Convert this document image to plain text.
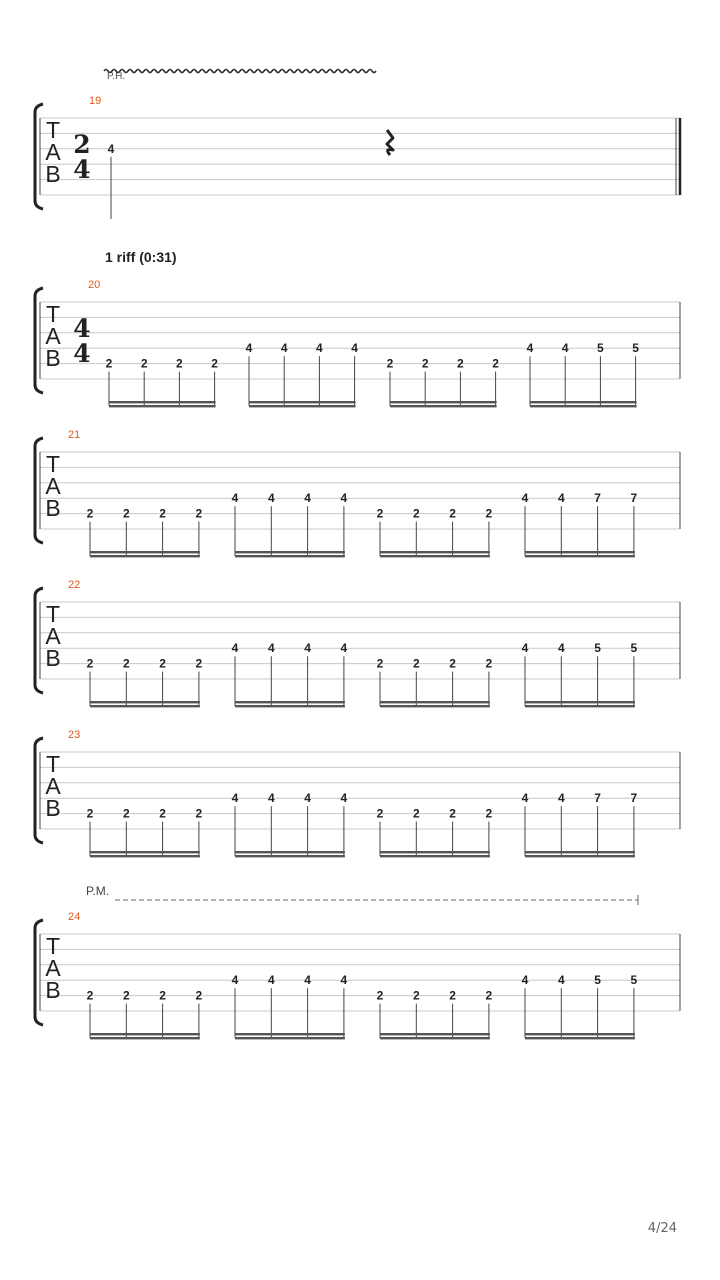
T
A
B
19
2
4
P.H.
4
T
A
B
20
1 riff (0:31)
4
4 2 2 2 2
4 4 4 4
2 2 2 2
4 4 5 5
T
A
B
21
2 2 2 2
4 4 4 4
2 2 2 2
4 4 7 7
T
A
B
22
2 2 2 2
4 4 4 4
2 2 2 2
4 4 5 5
T
A
B
23
2 2 2 2
4 4 4 4
2 2 2 2
4 4 7 7
T
A
B
24
P.M.
2 2 2 2
4 4 4 4
2 2 2 2
4 4 5 5
4/24
